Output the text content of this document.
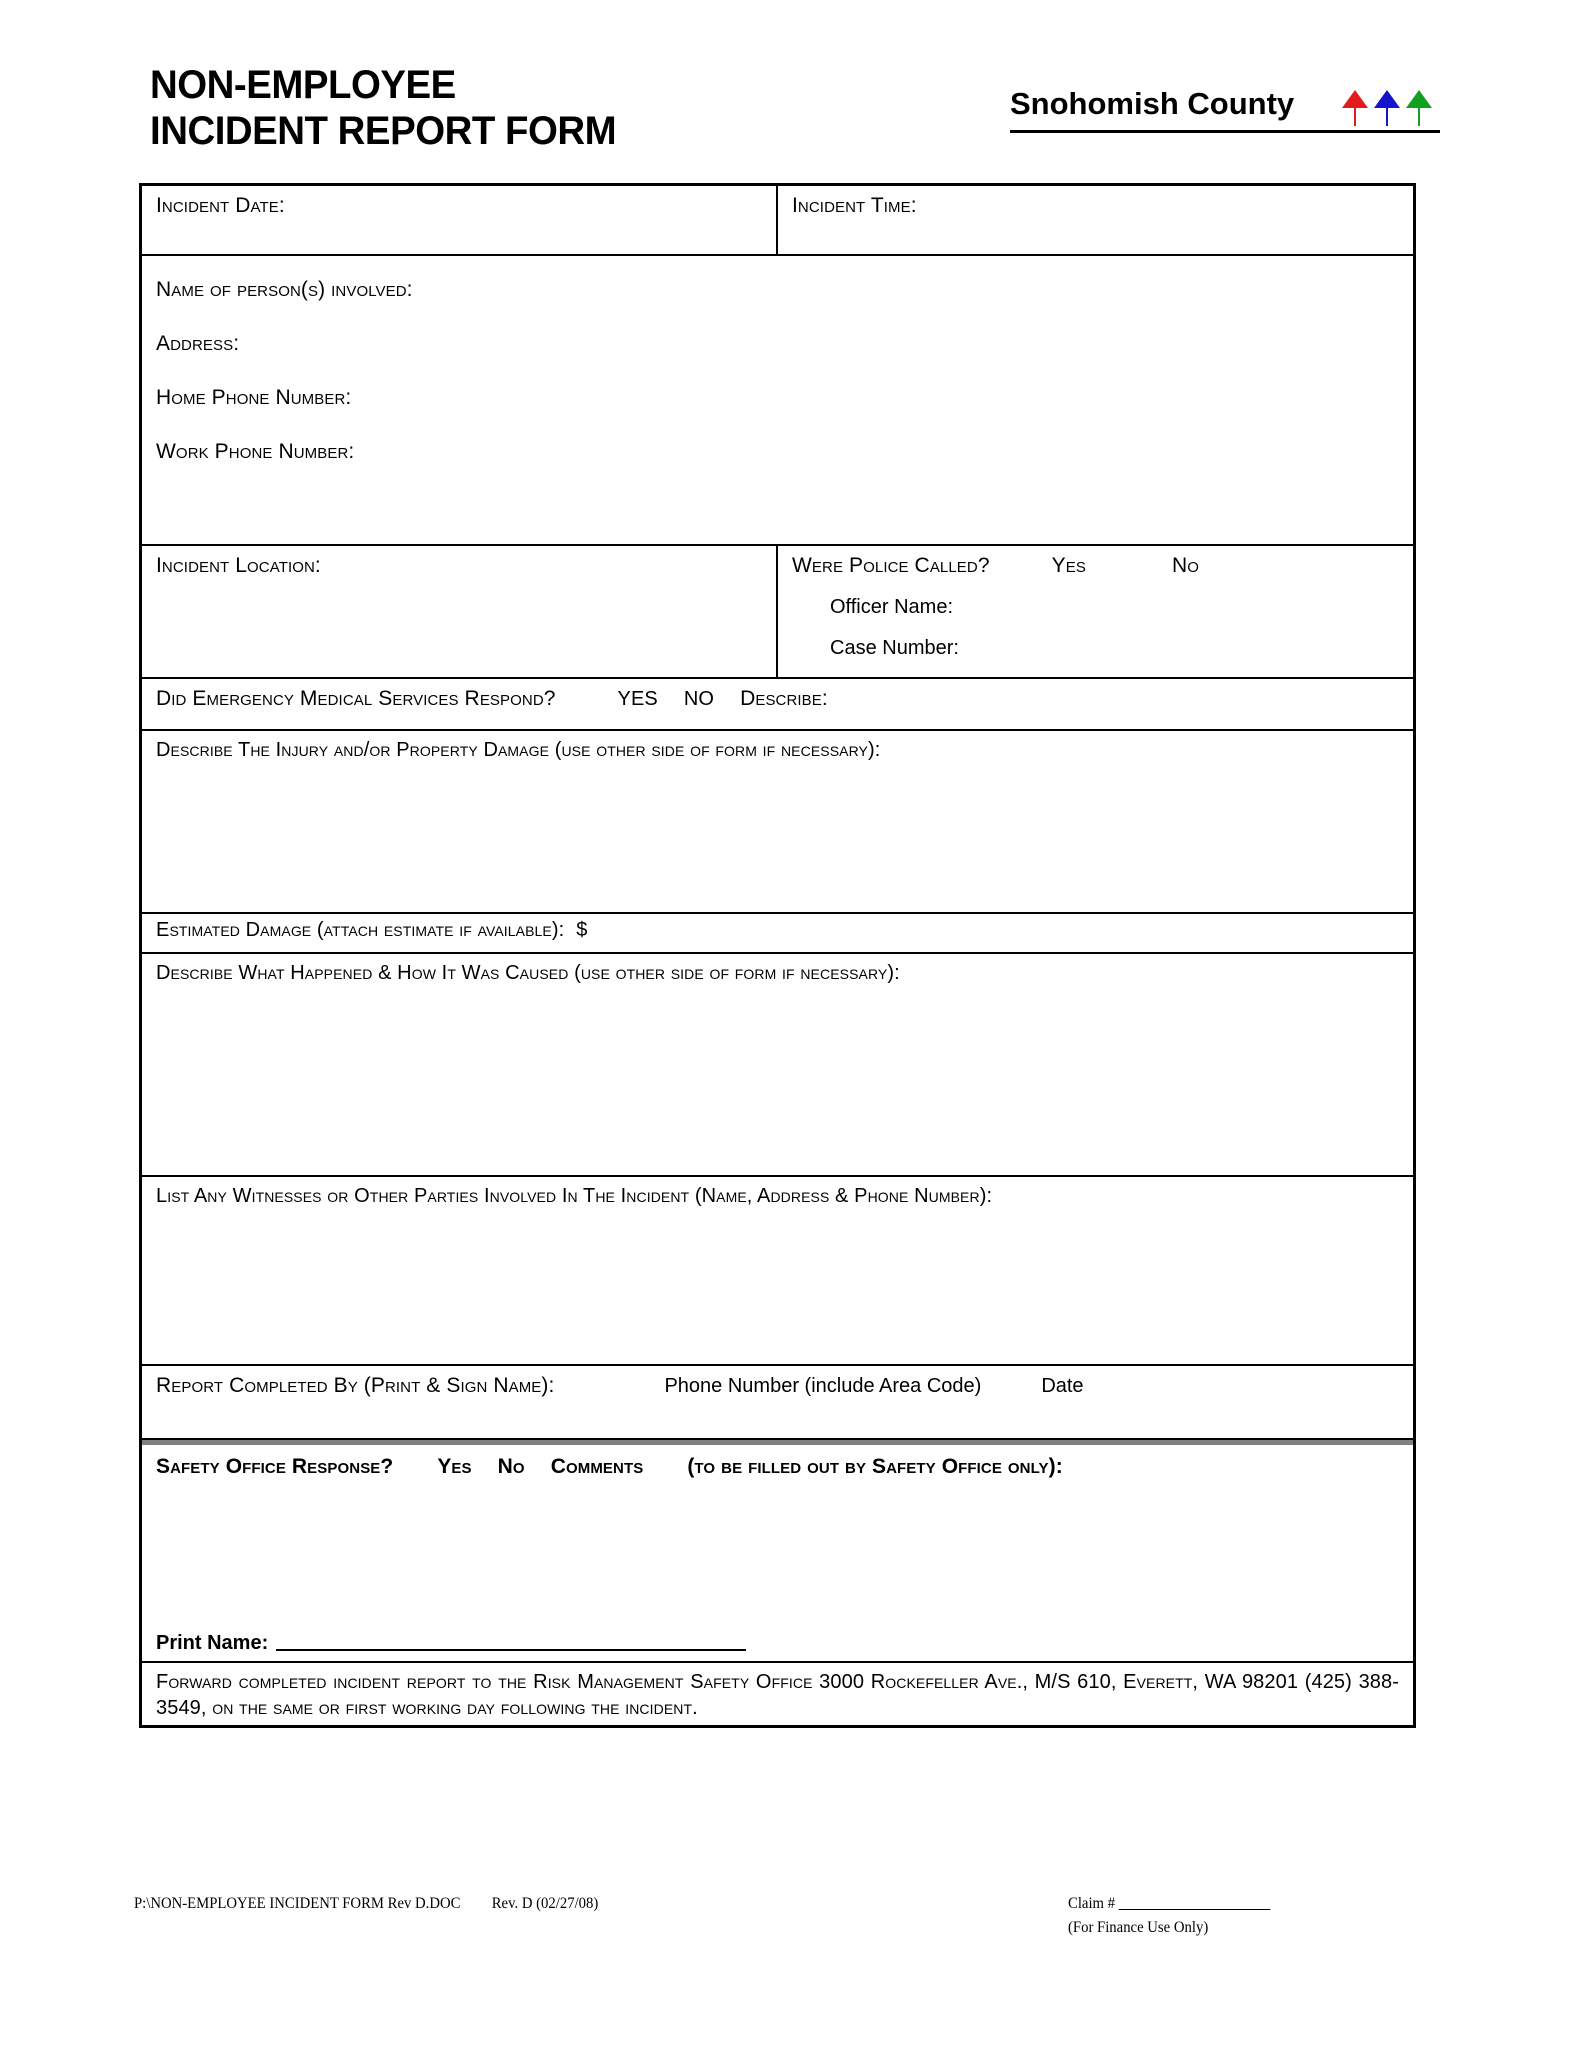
NON-EMPLOYEE
INCIDENT REPORT FORM
Snohomish County
Incident Date:	Incident Time:
Name of person(s) involved:
Address:
Home Phone Number:
Work Phone Number:
Incident Location:	Were Police Called?	Yes	No
Officer Name:
Case Number:
Did Emergency Medical Services Respond?	YES NO Describe:
Describe The Injury and/or Property Damage (use other side of form if necessary):
Estimated Damage (attach estimate if available): $
Describe What Happened & How It Was Caused (use other side of form if necessary):
List Any Witnesses or Other Parties Involved In The Incident (Name, Address & Phone Number):
Report Completed By (Print & Sign Name):	Phone Number (include Area Code)	Date
Safety Office Response? Yes No Comments (to be filled out by Safety Office only):
Print Name:
Forward completed incident report to the Risk Management Safety Office 3000 Rockefeller Ave., M/S 610, Everett, WA 98201 (425) 388-3549, on the same or first working day following the incident.
P:\NON-EMPLOYEE INCIDENT FORM Rev D.DOC Rev. D (02/27/08)	Claim #
(For Finance Use Only)
